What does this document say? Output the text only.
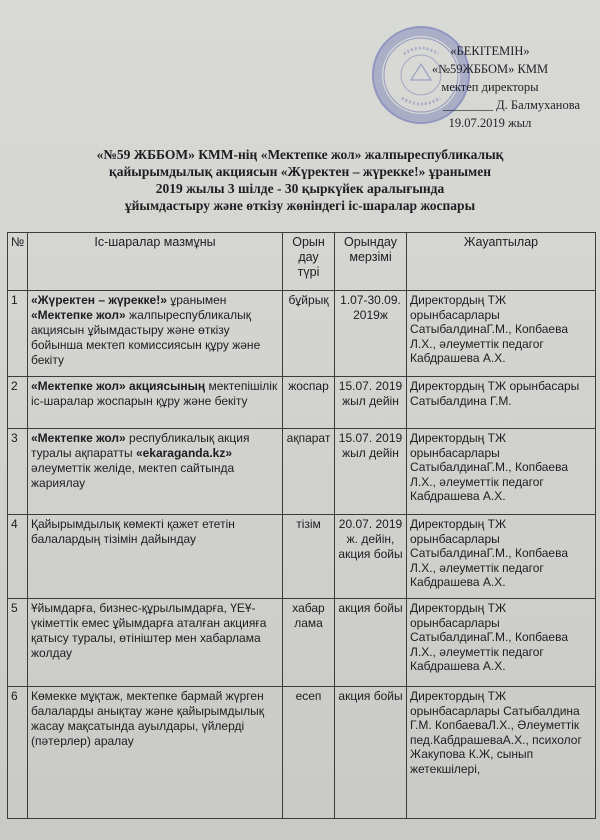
«БЕКІТЕМІН»
«№59ЖББОМ» КММ
мектеп директоры
________ Д. Балмуханова
19.07.2019 жыл
«№59 ЖББОМ» КММ-нің «Мектепке жол» жалпыреспубликалық
қайырымдылық акциясын «Жүректен – жүрекке!» ұранымен
2019 жылы 3 шілде - 30 қыркүйек аралығында
ұйымдастыру және өткізу жөніндегі іс-шаралар жоспары
№	Іс-шаралар мазмұны	Орын дау түрі	Орындау мерзімі	Жауаптылар
1	«Жүректен – жүрекке!» ұранымен «Мектепке жол» жалпыреспубликалық акциясын ұйымдастыру және өткізу бойынша мектеп комиссиясын құру және бекіту	бұйрық	1.07-30.09. 2019ж	Директордың ТЖ орынбасарлары СатыбалдинаГ.М., Копбаева Л.Х., әлеуметтік педагог Кабдрашева А.Х.
2	«Мектепке жол» акциясының мектепішілік іс-шаралар жоспарын құру және бекіту	жоспар	15.07. 2019 жыл дейін	Директордың ТЖ орынбасары Сатыбалдина Г.М.
3	«Мектепке жол» республикалық акция туралы ақпаратты «ekaraganda.kz» әлеуметтік желіде, мектеп сайтында жариялау	ақпарат	15.07. 2019 жыл дейін	Директордың ТЖ орынбасарлары СатыбалдинаГ.М., Копбаева Л.Х., әлеуметтік педагог Кабдрашева А.Х.
4	Қайырымдылық көмекті қажет ететін балалардың тізімін дайындау	тізім	20.07. 2019 ж. дейін, акция бойы	Директордың ТЖ орынбасарлары СатыбалдинаГ.М., Копбаева Л.Х., әлеуметтік педагог Кабдрашева А.Х.
5	Ұйымдарға, бизнес-құрылымдарға, ҮЕҰ-үкіметтік емес ұйымдарға аталған акцияға қатысу туралы, өтініштер мен хабарлама жолдау	хабар лама	акция бойы	Директордың ТЖ орынбасарлары СатыбалдинаГ.М., Копбаева Л.Х., әлеуметтік педагог Кабдрашева А.Х.
6	Көмекке мұқтаж, мектепке бармай жүрген балаларды анықтау және қайырымдылық жасау мақсатында ауылдары, үйлерді (пәтерлер) аралау	есеп	акция бойы	Директордың ТЖ орынбасарлары Сатыбалдина Г.М. КопбаеваЛ.Х., Әлеуметтік пед.КабдрашеваА.Х., психолог Жакупова К.Ж, сынып жетекшілері,
